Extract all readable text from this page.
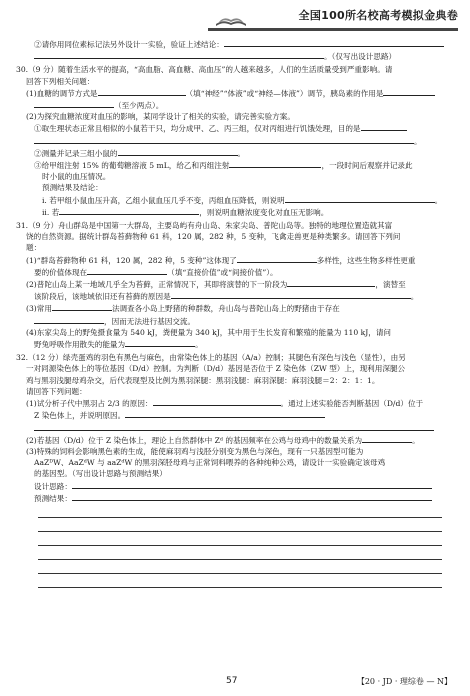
全国100所名校高考模拟金典卷

②请你用同位素标记法另外设计一实验，验证上述结论：

。（仅写出设计思路）

30.（9 分）随着生活水平的提高，“高血脂、高血糖、高血压”的人越来越多，人们的生活质量受到严重影响。请

回答下列相关问题：

(1)血糖的调节方式是	（填“神经”“体液”或“神经—体液”）调节，胰岛素的作用是

（至少两点）。

(2)为探究血糖浓度对血压的影响，某同学设计了相关的实验，请完善实验方案。

①取生理状态正常且相似的小鼠若干只，均分成甲、乙、丙三组，仅对丙组进行饥饿处理，目的是

。

②测量并记录三组小鼠的	。

③给甲组注射 15% 的葡萄糖溶液 5 mL，给乙和丙组注射	，一段时间后观察并记录此

时小鼠的血压情况。

预测结果及结论：

i. 若甲组小鼠血压升高，乙组小鼠血压几乎不变，丙组血压降低，则说明	。

ii. 若	，则说明血糖浓度变化对血压无影响。

31.（9 分）舟山群岛是中国第一大群岛，主要岛屿有舟山岛、朱家尖岛、普陀山岛等。独特的地理位置造就其富

饶的自然资源。据统计群岛苔藓物种 61 科，120 属，282 种，5 变种，飞禽走兽更是种类繁多。请回答下列问

题：

(1)“群岛苔藓物种 61 科，120 属，282 种，5 变种”这体现了	多样性，这些生物多样性更重

要的价值体现在	（填“直接价值”或“间接价值”）。

(2)普陀山岛上某一地域几乎全为苔藓，正常情况下，其即将演替的下一阶段为	，演替至

该阶段后，该地域依旧还有苔藓的原因是	。

(3)常用	法调查各小岛上野猪的种群数，舟山岛与普陀山岛上的野猪由于存在

，因而无法进行基因交流。

(4)东家尖岛上的野兔摄食量为 540 kJ，粪便量为 340 kJ，其中用于生长发育和繁殖的能量为 110 kJ，请问

野兔呼吸作用散失的能量为	。

32.（12 分）绿壳蛋鸡的羽色有黑色与麻色，由常染色体上的基因（A/a）控制；其腿色有深色与浅色（显性），由另

一对同源染色体上的等位基因（D/d）控制。为判断（D/d）基因是否位于 Z 染色体（ZW 型）上，现利用深腿公

鸡与黑羽浅腿母鸡杂交，后代表现型及比例为黑羽深腿：黑羽浅腿：麻羽深腿：麻羽浅腿＝2：2：1：1。

请回答下列问题：

(1)试分析子代中黑羽占 2/3 的原因：	。通过上述实验能否判断基因（D/d）位于

Z 染色体上，并说明原因。

(2)若基因（D/d）位于 Z 染色体上，理论上自然群体中 Zᵈ 的基因频率在公鸡与母鸡中的数量关系为	。

(3)特殊的饲料会影响黑色素的生成，能使麻羽鸡与浅胫分别变为黑色与深色，现有一只基因型可能为

AaZᴰW、AaZᵈW 与 aaZᵈW 的黑羽深胫母鸡与正常饲料喂养的各种纯种公鸡，请设计一实验确定该母鸡

的基因型。（写出设计思路与预测结果）

设计思路：

预测结果：

57	【20 · JD · 理综卷 — N】
